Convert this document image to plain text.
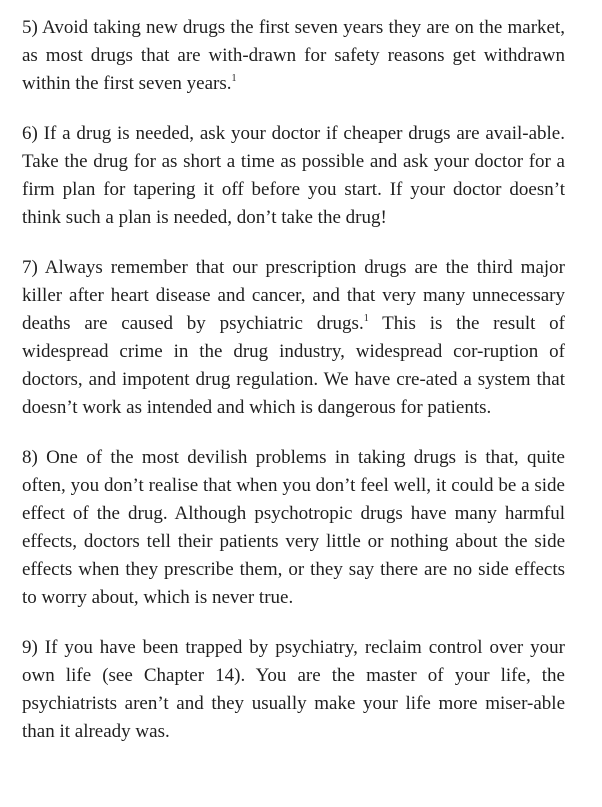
5) Avoid taking new drugs the first seven years they are on the market, as most drugs that are with-drawn for safety reasons get withdrawn within the first seven years.$^1$

6) If a drug is needed, ask your doctor if cheaper drugs are avail-able. Take the drug for as short a time as possible and ask your doctor for a firm plan for tapering it off before you start. If your doctor doesn’t think such a plan is needed, don’t take the drug!

7) Always remember that our prescription drugs are the third major killer after heart disease and cancer, and that very many unnecessary deaths are caused by psychiatric drugs.$^1$ This is the result of widespread crime in the drug industry, widespread cor-ruption of doctors, and impotent drug regulation. We have cre-ated a system that doesn’t work as intended and which is dangerous for patients.

8) One of the most devilish problems in taking drugs is that, quite often, you don’t realise that when you don’t feel well, it could be a side effect of the drug. Although psychotropic drugs have many harmful effects, doctors tell their patients very little or nothing about the side effects when they prescribe them, or they say there are no side effects to worry about, which is never true.

9) If you have been trapped by psychiatry, reclaim control over your own life (see Chapter 14). You are the master of your life, the psychiatrists aren’t and they usually make your life more miser-able than it already was.
